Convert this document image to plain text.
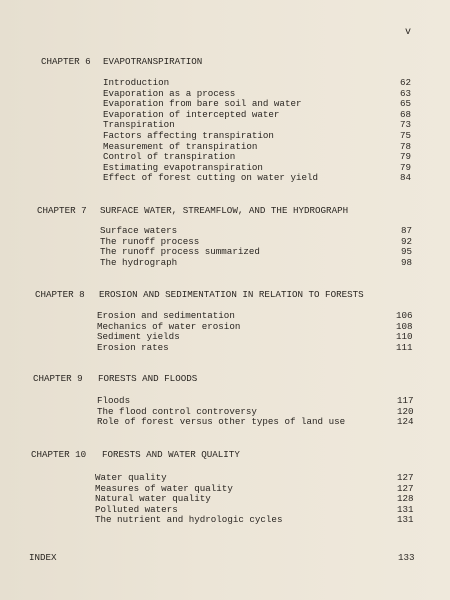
v
CHAPTER 6 EVAPOTRANSPIRATION
Introduction	62
Evaporation as a process	63
Evaporation from bare soil and water	65
Evaporation of intercepted water	68
Transpiration	73
Factors affecting transpiration	75
Measurement of transpiration	78
Control of transpiration	79
Estimating evapotranspiration	79
Effect of forest cutting on water yield	84
CHAPTER 7 SURFACE WATER, STREAMFLOW, AND THE HYDROGRAPH
Surface waters	87
The runoff process	92
The runoff process summarized	95
The hydrograph	98
CHAPTER 8 EROSION AND SEDIMENTATION IN RELATION TO FORESTS
Erosion and sedimentation	106
Mechanics of water erosion	108
Sediment yields	110
Erosion rates	111
CHAPTER 9 FORESTS AND FLOODS
Floods	117
The flood control controversy	120
Role of forest versus other types of land use	124
CHAPTER 10 FORESTS AND WATER QUALITY
Water quality	127
Measures of water quality	127
Natural water quality	128
Polluted waters	131
The nutrient and hydrologic cycles	131
INDEX	133
